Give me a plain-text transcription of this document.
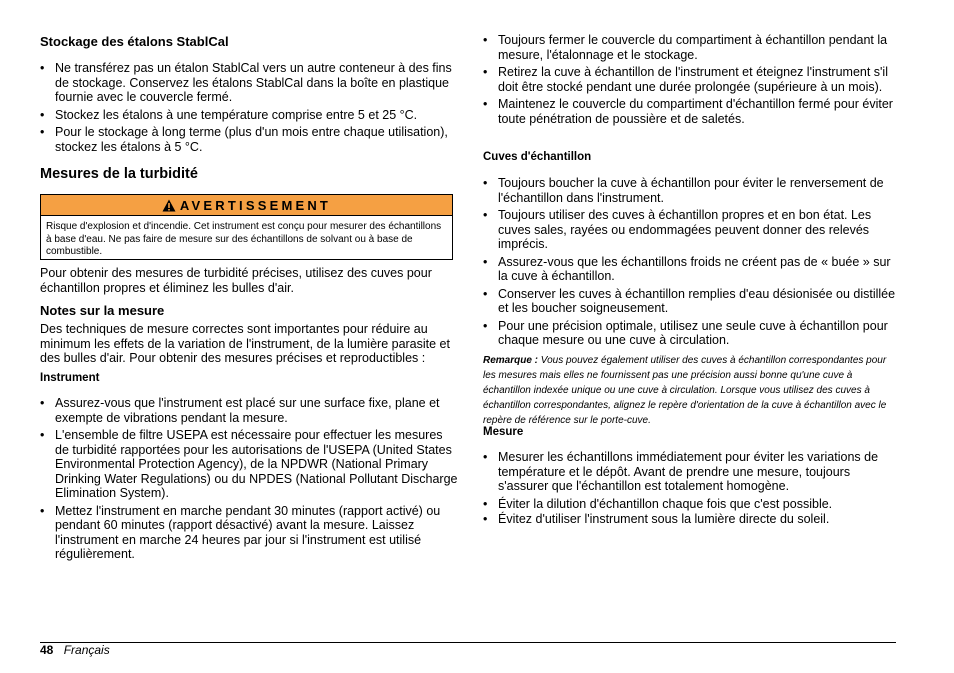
Stockage des étalons StablCal
• Ne transférez pas un étalon StablCal vers un autre conteneur à des fins de stockage. Conservez les étalons StablCal dans la boîte en plastique fournie avec le couvercle fermé.
• Stockez les étalons à une température comprise entre 5 et 25 °C.
• Pour le stockage à long terme (plus d'un mois entre chaque utilisation), stockez les étalons à 5 °C.
Mesures de la turbidité
AVERTISSEMENT
Risque d'explosion et d'incendie. Cet instrument est conçu pour mesurer des échantillons à base d'eau. Ne pas faire de mesure sur des échantillons de solvant ou à base de combustible.

Pour obtenir des mesures de turbidité précises, utilisez des cuves pour échantillon propres et éliminez les bulles d'air.

Notes sur la mesure

Des techniques de mesure correctes sont importantes pour réduire au minimum les effets de la variation de l'instrument, de la lumière parasite et des bulles d'air. Pour obtenir des mesures précises et reproductibles :

Instrument
• Assurez-vous que l'instrument est placé sur une surface fixe, plane et exempte de vibrations pendant la mesure.
• L'ensemble de filtre USEPA est nécessaire pour effectuer les mesures de turbidité rapportées pour les autorisations de l'USEPA (United States Environmental Protection Agency), de la NPDWR (National Primary Drinking Water Regulations) ou du NPDES (National Pollutant Discharge Elimination System).
• Mettez l'instrument en marche pendant 30 minutes (rapport activé) ou pendant 60 minutes (rapport désactivé) avant la mesure. Laissez l'instrument en marche 24 heures par jour si l'instrument est utilisé régulièrement.
• Toujours fermer le couvercle du compartiment à échantillon pendant la mesure, l'étalonnage et le stockage.
• Retirez la cuve à échantillon de l'instrument et éteignez l'instrument s'il doit être stocké pendant une durée prolongée (supérieure à un mois).
• Maintenez le couvercle du compartiment d'échantillon fermé pour éviter toute pénétration de poussière et de saletés.
Cuves d'échantillon
• Toujours boucher la cuve à échantillon pour éviter le renversement de l'échantillon dans l'instrument.
• Toujours utiliser des cuves à échantillon propres et en bon état. Les cuves sales, rayées ou endommagées peuvent donner des relevés imprécis.
• Assurez-vous que les échantillons froids ne créent pas de « buée » sur la cuve à échantillon.
• Conserver les cuves à échantillon remplies d'eau désionisée ou distillée et les boucher soigneusement.
• Pour une précision optimale, utilisez une seule cuve à échantillon pour chaque mesure ou une cuve à circulation.

Remarque : Vous pouvez également utiliser des cuves à échantillon correspondantes pour les mesures mais elles ne fournissent pas une précision aussi bonne qu'une cuve à échantillon indexée unique ou une cuve à circulation. Lorsque vous utilisez des cuves à échantillon correspondantes, alignez le repère d'orientation de la cuve à échantillon avec le repère de référence sur le porte-cuve.

Mesure
• Mesurer les échantillons immédiatement pour éviter les variations de température et le dépôt. Avant de prendre une mesure, toujours s'assurer que l'échantillon est totalement homogène.
• Éviter la dilution d'échantillon chaque fois que c'est possible.
• Évitez d'utiliser l'instrument sous la lumière directe du soleil.
48 Français
